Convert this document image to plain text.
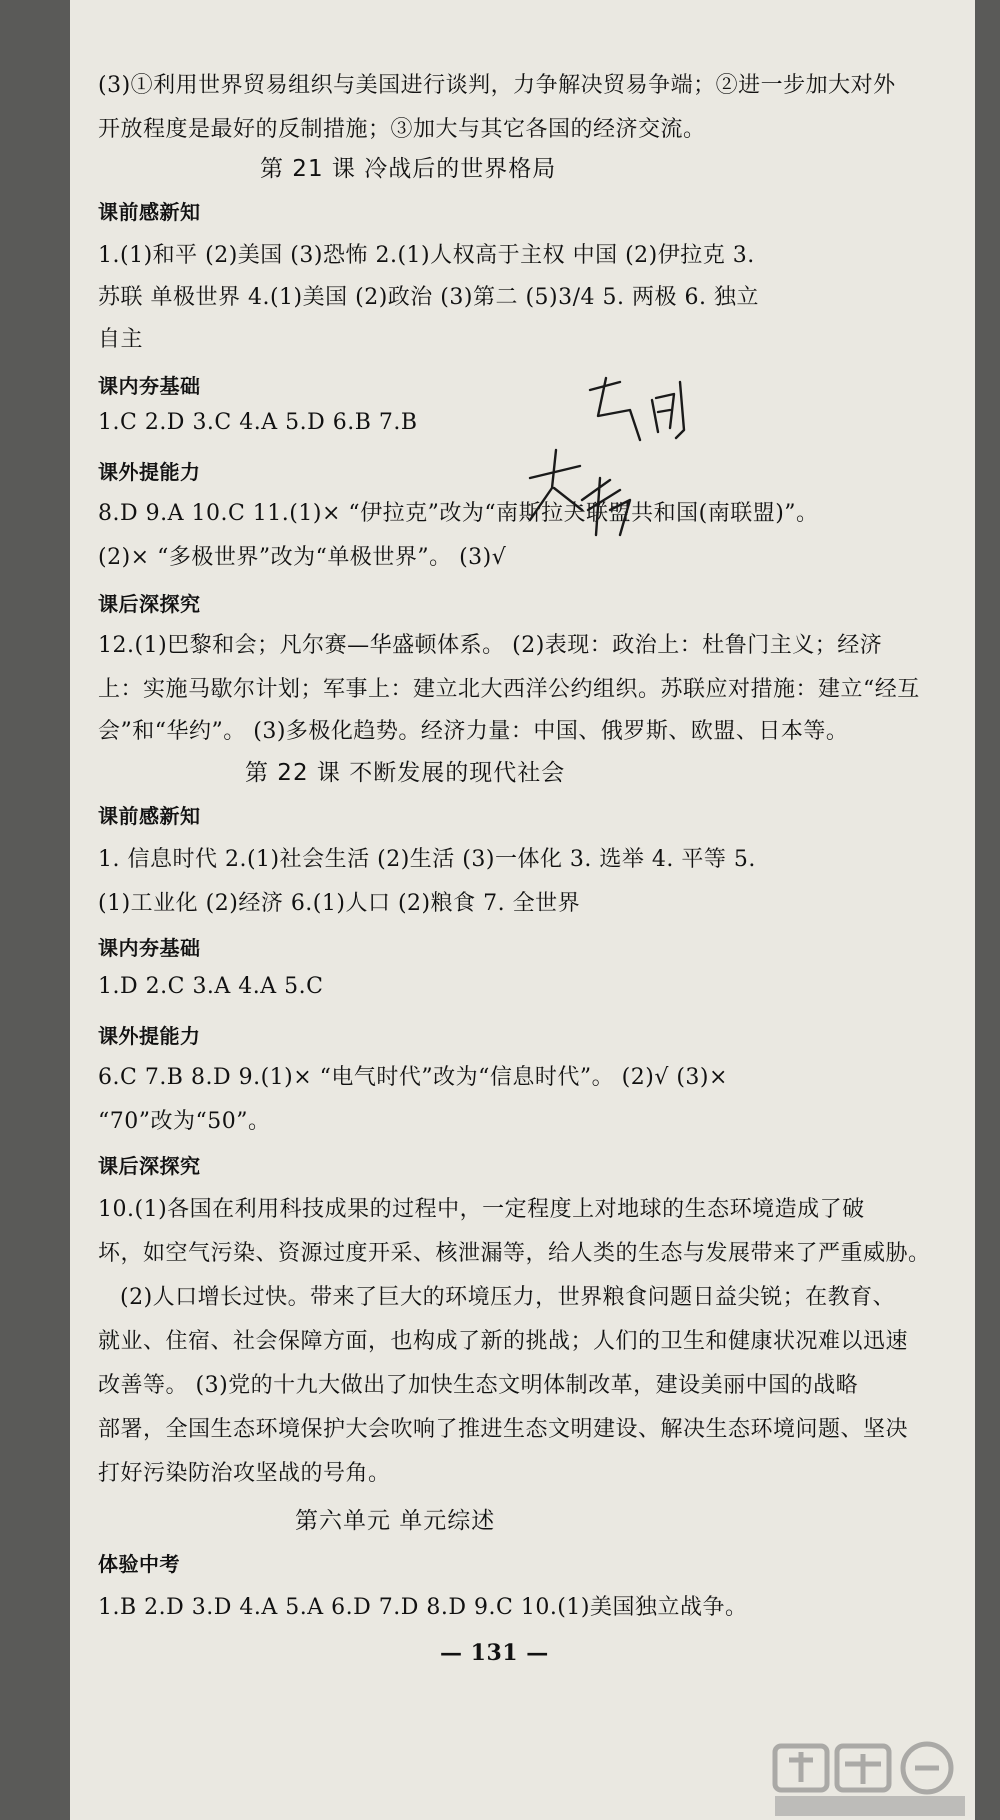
(3)①利用世界贸易组织与美国进行谈判，力争解决贸易争端；②进一步加大对外
开放程度是最好的反制措施；③加大与其它各国的经济交流。
第 21 课 冷战后的世界格局
课前感新知
1.(1)和平 (2)美国 (3)恐怖 2.(1)人权高于主权 中国 (2)伊拉克 3.
苏联 单极世界 4.(1)美国 (2)政治 (3)第二 (5)3/4 5. 两极 6. 独立
自主
课内夯基础
1.C 2.D 3.C 4.A 5.D 6.B 7.B
课外提能力
8.D 9.A 10.C 11.(1)× “伊拉克”改为“南斯拉夫联盟共和国(南联盟)”。
(2)× “多极世界”改为“单极世界”。 (3)√
课后深探究
12.(1)巴黎和会；凡尔赛—华盛顿体系。 (2)表现：政治上：杜鲁门主义；经济
上：实施马歇尔计划；军事上：建立北大西洋公约组织。苏联应对措施：建立“经互
会”和“华约”。 (3)多极化趋势。经济力量：中国、俄罗斯、欧盟、日本等。
第 22 课 不断发展的现代社会
课前感新知
1. 信息时代 2.(1)社会生活 (2)生活 (3)一体化 3. 选举 4. 平等 5.
(1)工业化 (2)经济 6.(1)人口 (2)粮食 7. 全世界
课内夯基础
1.D 2.C 3.A 4.A 5.C
课外提能力
6.C 7.B 8.D 9.(1)× “电气时代”改为“信息时代”。 (2)√ (3)×
“70”改为“50”。
课后深探究
10.(1)各国在利用科技成果的过程中，一定程度上对地球的生态环境造成了破
坏，如空气污染、资源过度开采、核泄漏等，给人类的生态与发展带来了严重威胁。
(2)人口增长过快。带来了巨大的环境压力，世界粮食问题日益尖锐；在教育、
就业、住宿、社会保障方面，也构成了新的挑战；人们的卫生和健康状况难以迅速
改善等。 (3)党的十九大做出了加快生态文明体制改革，建设美丽中国的战略
部署，全国生态环境保护大会吹响了推进生态文明建设、解决生态环境问题、坚决
打好污染防治攻坚战的号角。
第六单元 单元综述
体验中考
1.B 2.D 3.D 4.A 5.A 6.D 7.D 8.D 9.C 10.(1)美国独立战争。
— 131 —
